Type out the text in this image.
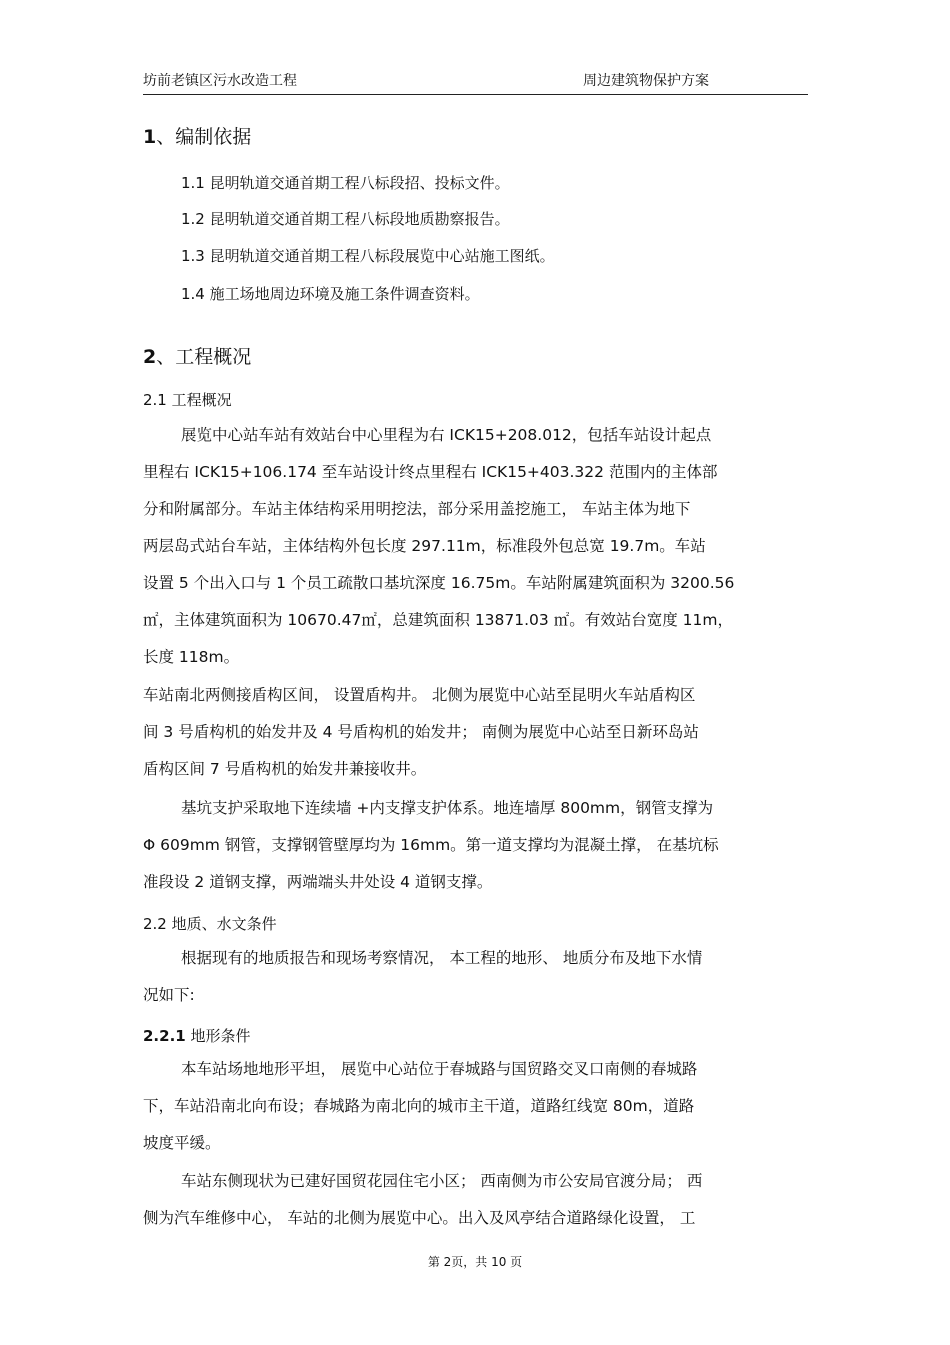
坊前老镇区污水改造工程	周边建筑物保护方案
1、编制依据
1.1 昆明轨道交通首期工程八标段招、投标文件。
1.2 昆明轨道交通首期工程八标段地质勘察报告。
1.3 昆明轨道交通首期工程八标段展览中心站施工图纸。
1.4 施工场地周边环境及施工条件调查资料。
2、工程概况
2.1 工程概况
展览中心站车站有效站台中心里程为右 ICK15+208.012，包括车站设计起点
里程右 ICK15+106.174 至车站设计终点里程右 ICK15+403.322 范围内的主体部
分和附属部分。车站主体结构采用明挖法，部分采用盖挖施工， 车站主体为地下
两层岛式站台车站，主体结构外包长度 297.11m，标准段外包总宽 19.7m。车站
设置 5 个出入口与 1 个员工疏散口基坑深度 16.75m。车站附属建筑面积为 3200.56
㎡，主体建筑面积为 10670.47㎡，总建筑面积 13871.03 ㎡。有效站台宽度 11m，
长度 118m。
车站南北两侧接盾构区间， 设置盾构井。 北侧为展览中心站至昆明火车站盾构区
间 3 号盾构机的始发井及 4 号盾构机的始发井； 南侧为展览中心站至日新环岛站
盾构区间 7 号盾构机的始发井兼接收井。
基坑支护采取地下连续墙 +内支撑支护体系。地连墙厚 800mm，钢管支撑为
Φ 609mm 钢管，支撑钢管壁厚均为 16mm。第一道支撑均为混凝土撑， 在基坑标
准段设 2 道钢支撑，两端端头井处设 4 道钢支撑。
2.2 地质、水文条件
根据现有的地质报告和现场考察情况， 本工程的地形、 地质分布及地下水情
况如下:
2.2.1 地形条件
本车站场地地形平坦， 展览中心站位于春城路与国贸路交叉口南侧的春城路
下，车站沿南北向布设；春城路为南北向的城市主干道，道路红线宽 80m，道路
坡度平缓。
车站东侧现状为已建好国贸花园住宅小区； 西南侧为市公安局官渡分局； 西
侧为汽车维修中心， 车站的北侧为展览中心。出入及风亭结合道路绿化设置， 工
第 2页，共 10 页
